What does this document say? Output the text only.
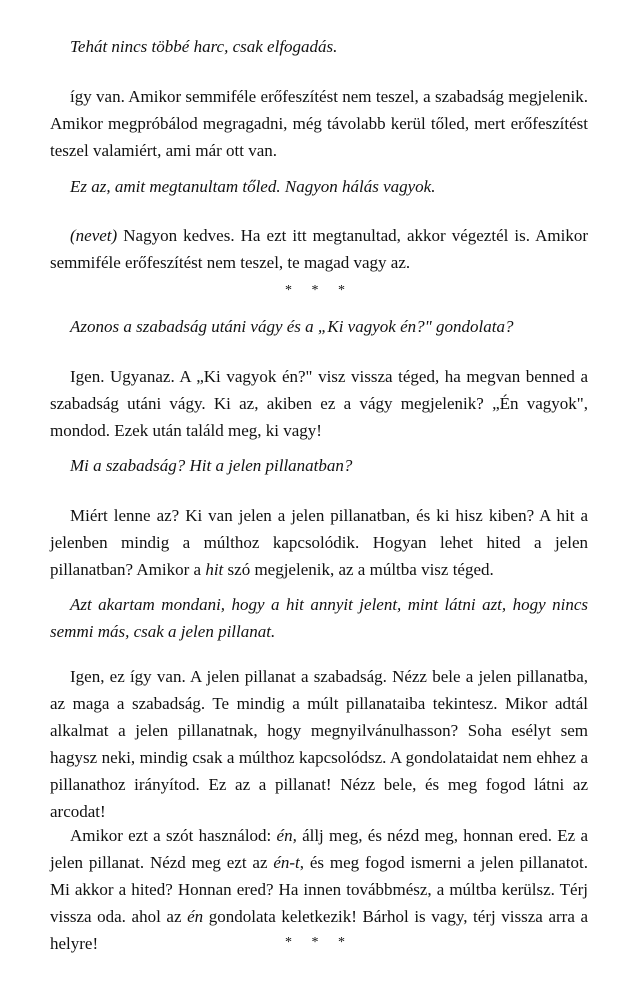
Tehát nincs többé harc, csak elfogadás.

így van. Amikor semmiféle erőfeszítést nem teszel, a szabadság megjelenik. Amikor megpróbálod megragadni, még távolabb kerül tőled, mert erőfeszítést teszel valamiért, ami már ott van.

Ez az, amit megtanultam tőled. Nagyon hálás vagyok.

(nevet) Nagyon kedves. Ha ezt itt megtanultad, akkor végeztél is. Amikor semmiféle erőfeszítést nem teszel, te magad vagy az.

* * *

Azonos a szabadság utáni vágy és a „Ki vagyok én?" gondolata?

Igen. Ugyanaz. A „Ki vagyok én?" visz vissza téged, ha megvan benned a szabadság utáni vágy. Ki az, akiben ez a vágy megjelenik? „Én vagyok", mondod. Ezek után találd meg, ki vagy!

Mi a szabadság? Hit a jelen pillanatban?

Miért lenne az? Ki van jelen a jelen pillanatban, és ki hisz kiben? A hit a jelenben mindig a múlthoz kapcsolódik. Hogyan lehet hited a jelen pillanatban? Amikor a hit szó megjelenik, az a múltba visz téged.

Azt akartam mondani, hogy a hit annyit jelent, mint látni azt, hogy nincs semmi más, csak a jelen pillanat.

Igen, ez így van. A jelen pillanat a szabadság. Nézz bele a jelen pillanatba, az maga a szabadság. Te mindig a múlt pillanataiba tekintesz. Mikor adtál alkalmat a jelen pillanatnak, hogy megnyilvánulhasson? Soha esélyt sem hagysz neki, mindig csak a múlthoz kapcsolódsz. A gondolataidat nem ehhez a pillanathoz irányítod. Ez az a pillanat! Nézz bele, és meg fogod látni az arcodat!

Amikor ezt a szót használod: én, állj meg, és nézd meg, honnan ered. Ez a jelen pillanat. Nézd meg ezt az én-t, és meg fogod ismerni a jelen pillanatot. Mi akkor a hited? Honnan ered? Ha innen továbbmész, a múltba kerülsz. Térj vissza oda. ahol az én gondolata keletkezik! Bárhol is vagy, térj vissza arra a helyre!	* * *
